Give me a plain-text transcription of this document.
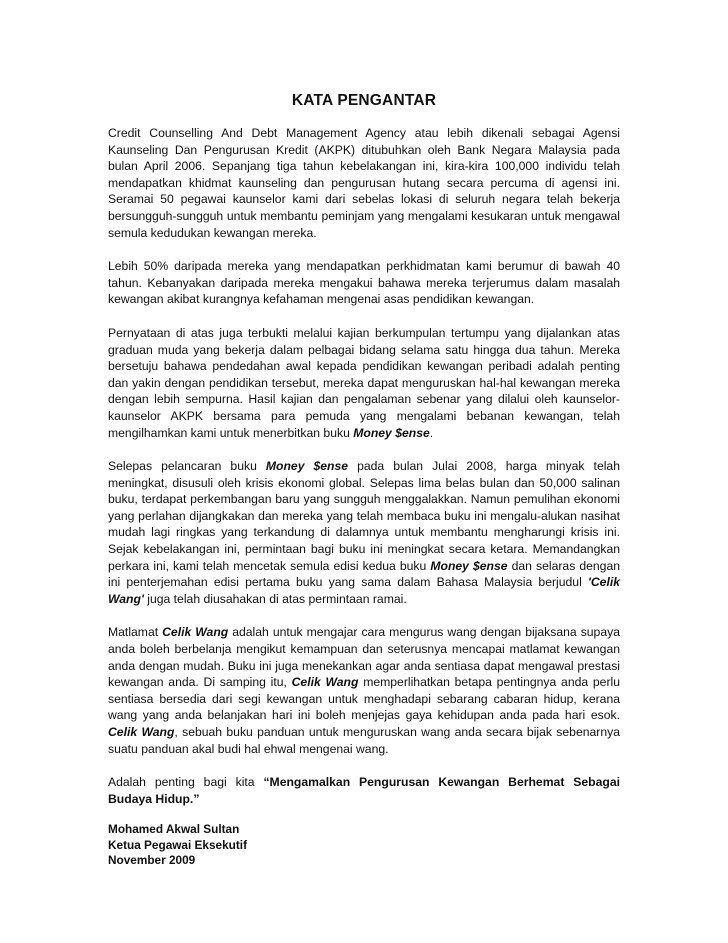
KATA PENGANTAR

Credit Counselling And Debt Management Agency atau lebih dikenali sebagai Agensi Kaunseling Dan Pengurusan Kredit (AKPK) ditubuhkan oleh Bank Negara Malaysia pada bulan April 2006. Sepanjang tiga tahun kebelakangan ini, kira-kira 100,000 individu telah mendapatkan khidmat kaunseling dan pengurusan hutang secara percuma di agensi ini. Seramai 50 pegawai kaunselor kami dari sebelas lokasi di seluruh negara telah bekerja bersungguh-sungguh untuk membantu peminjam yang mengalami kesukaran untuk mengawal semula kedudukan kewangan mereka.

Lebih 50% daripada mereka yang mendapatkan perkhidmatan kami berumur di bawah 40 tahun. Kebanyakan daripada mereka mengakui bahawa mereka terjerumus dalam masalah kewangan akibat kurangnya kefahaman mengenai asas pendidikan kewangan.

Pernyataan di atas juga terbukti melalui kajian berkumpulan tertumpu yang dijalankan atas graduan muda yang bekerja dalam pelbagai bidang selama satu hingga dua tahun. Mereka bersetuju bahawa pendedahan awal kepada pendidikan kewangan peribadi adalah penting dan yakin dengan pendidikan tersebut, mereka dapat menguruskan hal-hal kewangan mereka dengan lebih sempurna. Hasil kajian dan pengalaman sebenar yang dilalui oleh kaunselor-kaunselor AKPK bersama para pemuda yang mengalami bebanan kewangan, telah mengilhamkan kami untuk menerbitkan buku Money $ense.

Selepas pelancaran buku Money $ense pada bulan Julai 2008, harga minyak telah meningkat, disusuli oleh krisis ekonomi global. Selepas lima belas bulan dan 50,000 salinan buku, terdapat perkembangan baru yang sungguh menggalakkan. Namun pemulihan ekonomi yang perlahan dijangkakan dan mereka yang telah membaca buku ini mengalu-alukan nasihat mudah lagi ringkas yang terkandung di dalamnya untuk membantu mengharungi krisis ini. Sejak kebelakangan ini, permintaan bagi buku ini meningkat secara ketara. Memandangkan perkara ini, kami telah mencetak semula edisi kedua buku Money $ense dan selaras dengan ini penterjemahan edisi pertama buku yang sama dalam Bahasa Malaysia berjudul 'Celik Wang' juga telah diusahakan di atas permintaan ramai.

Matlamat Celik Wang adalah untuk mengajar cara mengurus wang dengan bijaksana supaya anda boleh berbelanja mengikut kemampuan dan seterusnya mencapai matlamat kewangan anda dengan mudah. Buku ini juga menekankan agar anda sentiasa dapat mengawal prestasi kewangan anda. Di samping itu, Celik Wang memperlihatkan betapa pentingnya anda perlu sentiasa bersedia dari segi kewangan untuk menghadapi sebarang cabaran hidup, kerana wang yang anda belanjakan hari ini boleh menjejas gaya kehidupan anda pada hari esok. Celik Wang, sebuah buku panduan untuk menguruskan wang anda secara bijak sebenarnya suatu panduan akal budi hal ehwal mengenai wang.

Adalah penting bagi kita “Mengamalkan Pengurusan Kewangan Berhemat Sebagai Budaya Hidup.”

Mohamed Akwal Sultan
Ketua Pegawai Eksekutif
November 2009
